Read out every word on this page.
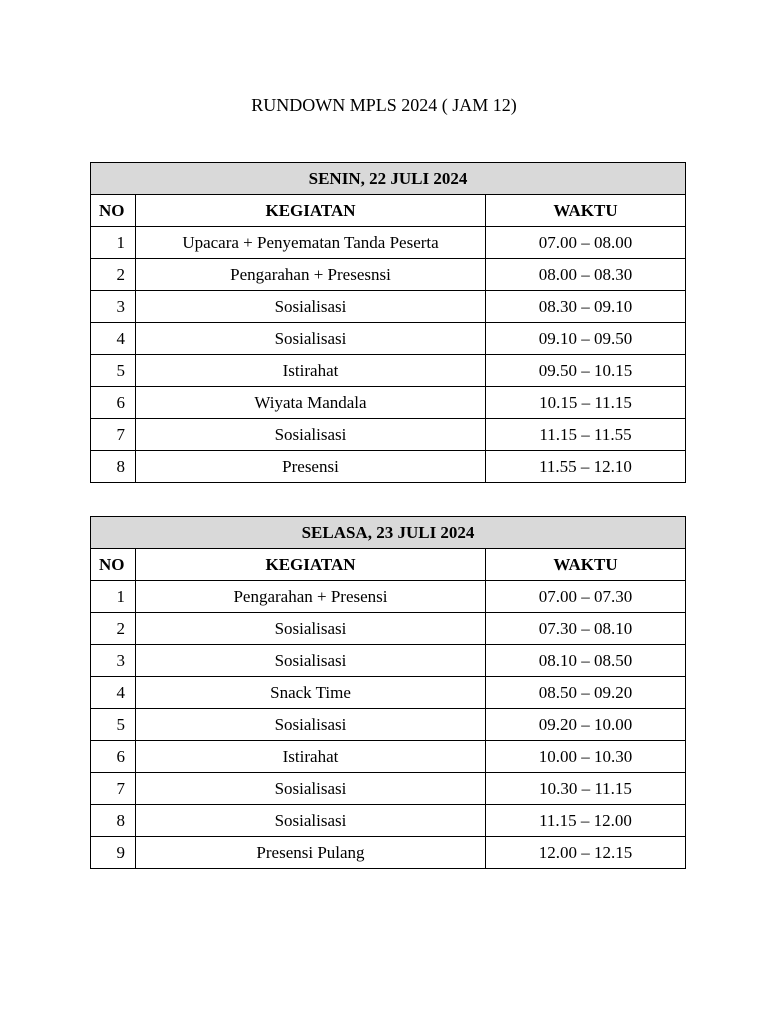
RUNDOWN MPLS 2024 ( JAM 12)
SENIN, 22 JULI 2024		
NO	KEGIATAN	WAKTU
1	Upacara + Penyematan Tanda Peserta	07.00 – 08.00
2	Pengarahan + Presesnsi	08.00 – 08.30
3	Sosialisasi	08.30 – 09.10
4	Sosialisasi	09.10 – 09.50
5	Istirahat	09.50 – 10.15
6	Wiyata Mandala	10.15 – 11.15
7	Sosialisasi	11.15 – 11.55
8	Presensi	11.55 – 12.10
SELASA, 23 JULI 2024		
NO	KEGIATAN	WAKTU
1	Pengarahan + Presensi	07.00 – 07.30
2	Sosialisasi	07.30 – 08.10
3	Sosialisasi	08.10 – 08.50
4	Snack Time	08.50 – 09.20
5	Sosialisasi	09.20 – 10.00
6	Istirahat	10.00 – 10.30
7	Sosialisasi	10.30 – 11.15
8	Sosialisasi	11.15 – 12.00
9	Presensi Pulang	12.00 – 12.15
